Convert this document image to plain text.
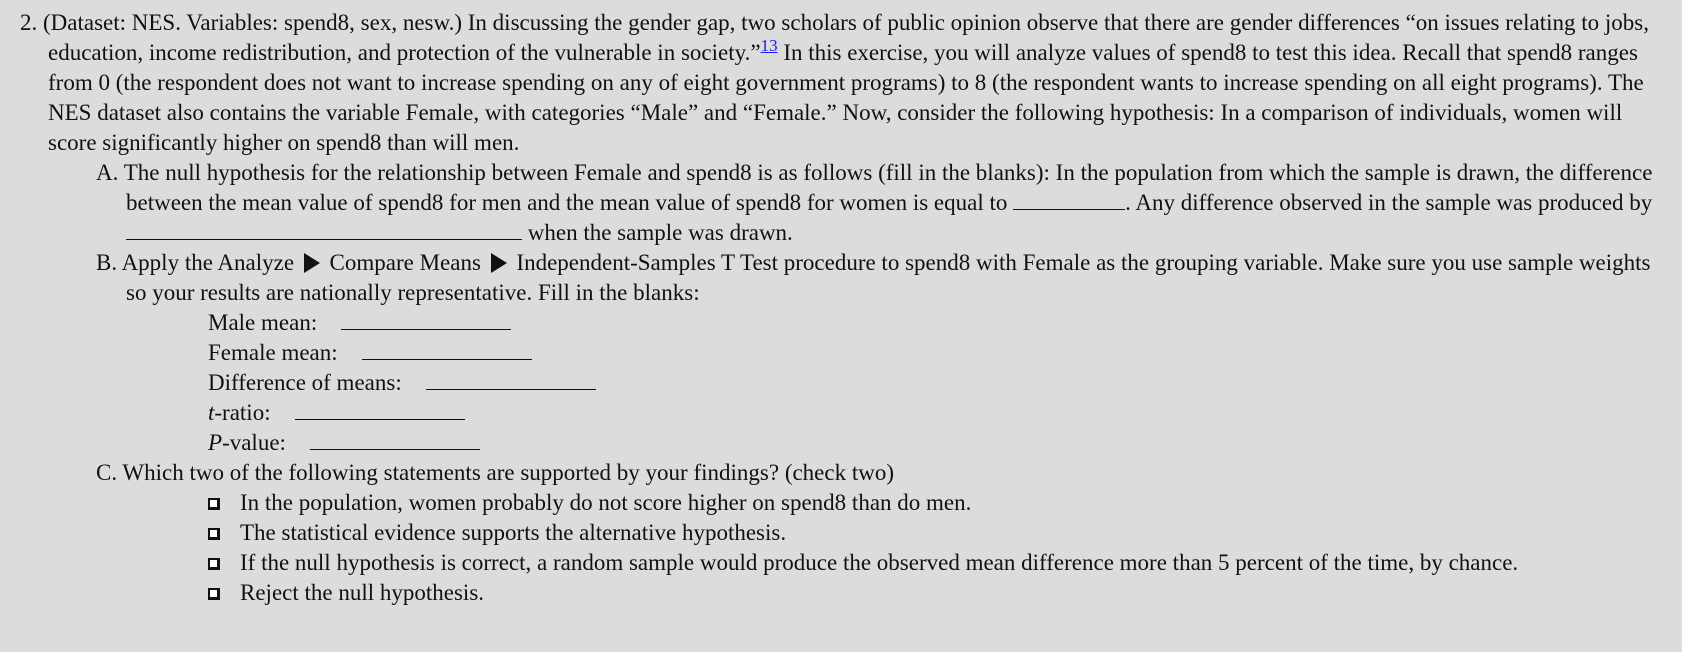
2. (Dataset: NES. Variables: spend8, sex, nesw.) In discussing the gender gap, two scholars of public opinion observe that there are gender differences “on issues relating to jobs, education, income redistribution, and protection of the vulnerable in society.”$^{13}$ In this exercise, you will analyze values of spend8 to test this idea. Recall that spend8 ranges from 0 (the respondent does not want to increase spending on any of eight government programs) to 8 (the respondent wants to increase spending on all eight programs). The NES dataset also contains the variable Female, with categories “Male” and “Female.” Now, consider the following hypothesis: In a comparison of individuals, women will score significantly higher on spend8 than will men.
A. The null hypothesis for the relationship between Female and spend8 is as follows (fill in the blanks): In the population from which the sample is drawn, the difference between the mean value of spend8 for men and the mean value of spend8 for women is equal to	. Any difference observed in the sample was produced by  when the sample was drawn.
B. Apply the Analyze  Compare Means  Independent-Samples T Test procedure to spend8 with Female as the grouping variable. Make sure you use sample weights so your results are nationally representative. Fill in the blanks:
Male mean:
Female mean:
Difference of means:
t-ratio:
P-value:
C. Which two of the following statements are supported by your findings? (check two)
In the population, women probably do not score higher on spend8 than do men.
The statistical evidence supports the alternative hypothesis.
If the null hypothesis is correct, a random sample would produce the observed mean difference more than 5 percent of the time, by chance.
Reject the null hypothesis.
